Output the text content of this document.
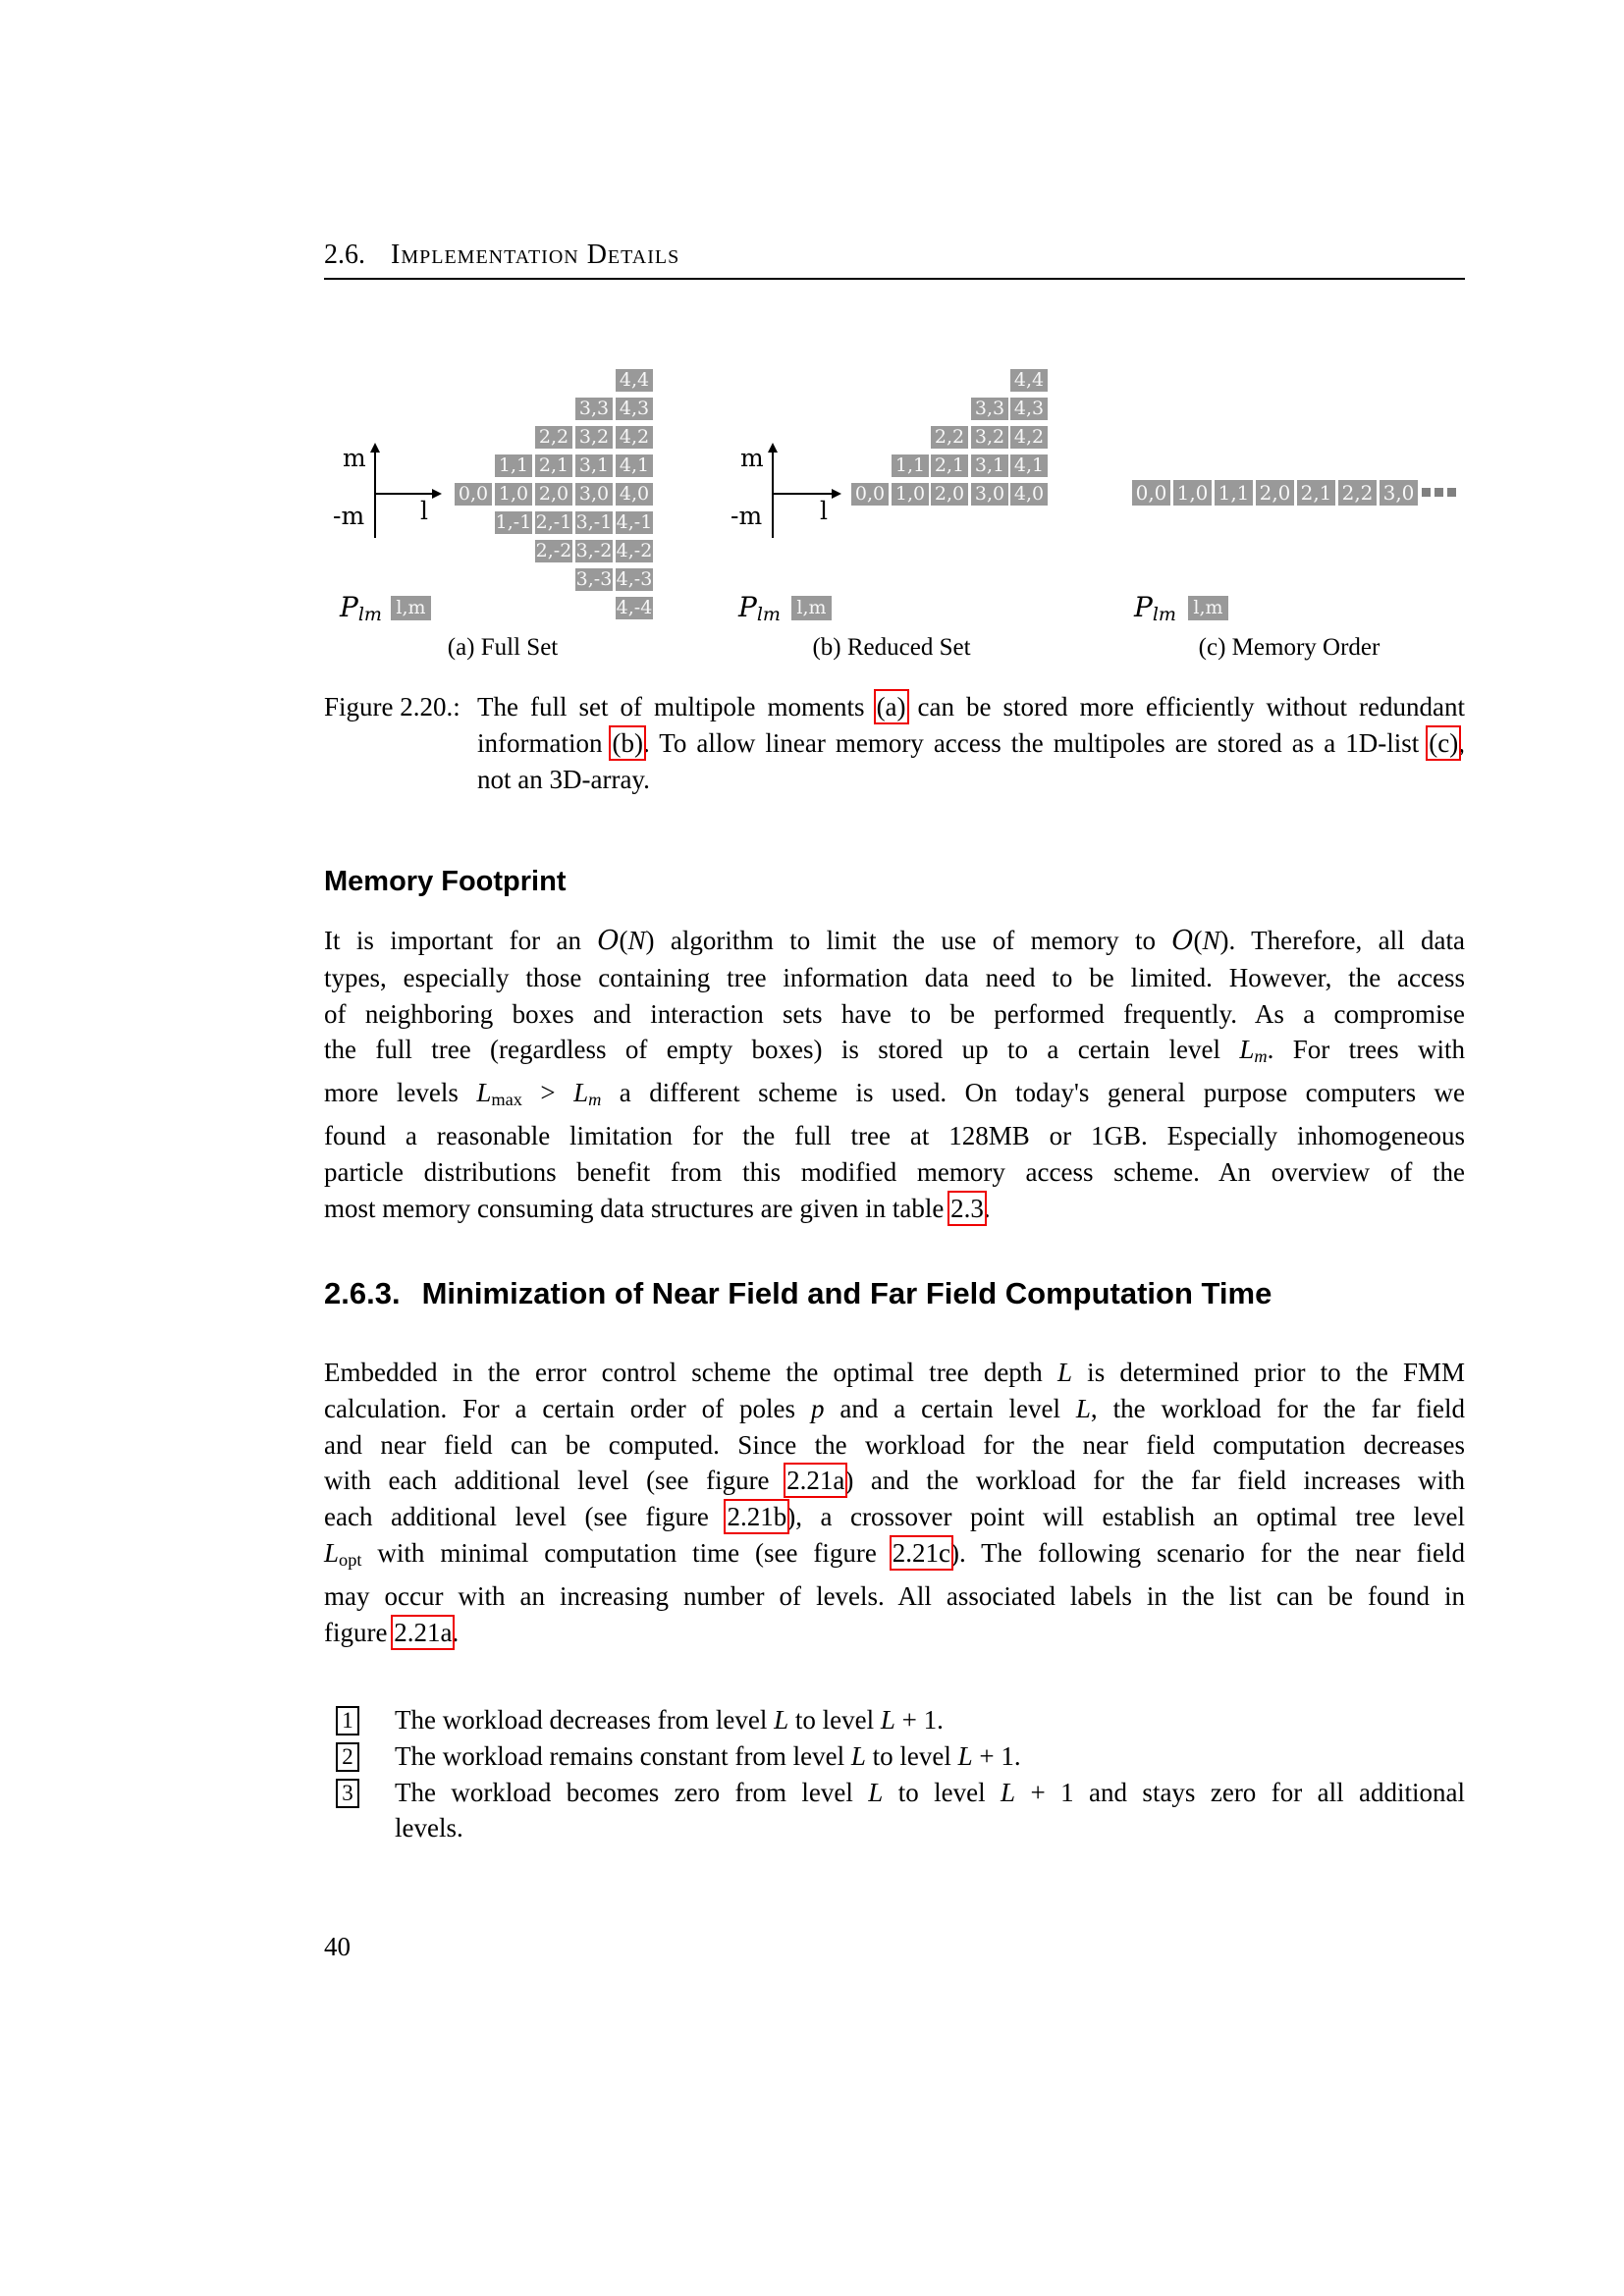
2.6. Implementation Details
m
-m l
4,4
3,3 4,3
2,2 3,2 4,2
1,1 2,1 3,1 4,1
0,0 1,0 2,0 3,0 4,0
1,-1 2,-1 3,-1 4,-1
2,-2 3,-2 4,-2
3,-3 4,-3
4,-4
Plm l,m
(a) Full Set
m
-m l
4,4
3,3 4,3
2,2 3,2 4,2
1,1 2,1 3,1 4,1
0,0 1,0 2,0 3,0 4,0
Plm l,m
(b) Reduced Set
0,0 1,0 1,1 2,0 2,1 2,2 3,0
Plm l,m
(c) Memory Order
Figure 2.20.: The full set of multipole moments (a) can be stored more efficiently without redundant
information (b). To allow linear memory access the multipoles are stored as a 1D-list (c),
not an 3D-array.
Memory Footprint
It is important for an O(N) algorithm to limit the use of memory to O(N). Therefore, all data
types, especially those containing tree information data need to be limited. However, the access
of neighboring boxes and interaction sets have to be performed frequently. As a compromise
the full tree (regardless of empty boxes) is stored up to a certain level Lm. For trees with
more levels Lmax > Lm a different scheme is used. On today's general purpose computers we
found a reasonable limitation for the full tree at 128MB or 1GB. Especially inhomogeneous
particle distributions benefit from this modified memory access scheme. An overview of the
most memory consuming data structures are given in table 2.3.
2.6.3. Minimization of Near Field and Far Field Computation Time
Embedded in the error control scheme the optimal tree depth L is determined prior to the FMM
calculation. For a certain order of poles p and a certain level L, the workload for the far field
and near field can be computed. Since the workload for the near field computation decreases
with each additional level (see figure 2.21a) and the workload for the far field increases with
each additional level (see figure 2.21b), a crossover point will establish an optimal tree level
Lopt with minimal computation time (see figure 2.21c). The following scenario for the near field
may occur with an increasing number of levels. All associated labels in the list can be found in
figure 2.21a.
1 The workload decreases from level L to level L + 1.
2 The workload remains constant from level L to level L + 1.
3 The workload becomes zero from level L to level L + 1 and stays zero for all additional
levels.
40
